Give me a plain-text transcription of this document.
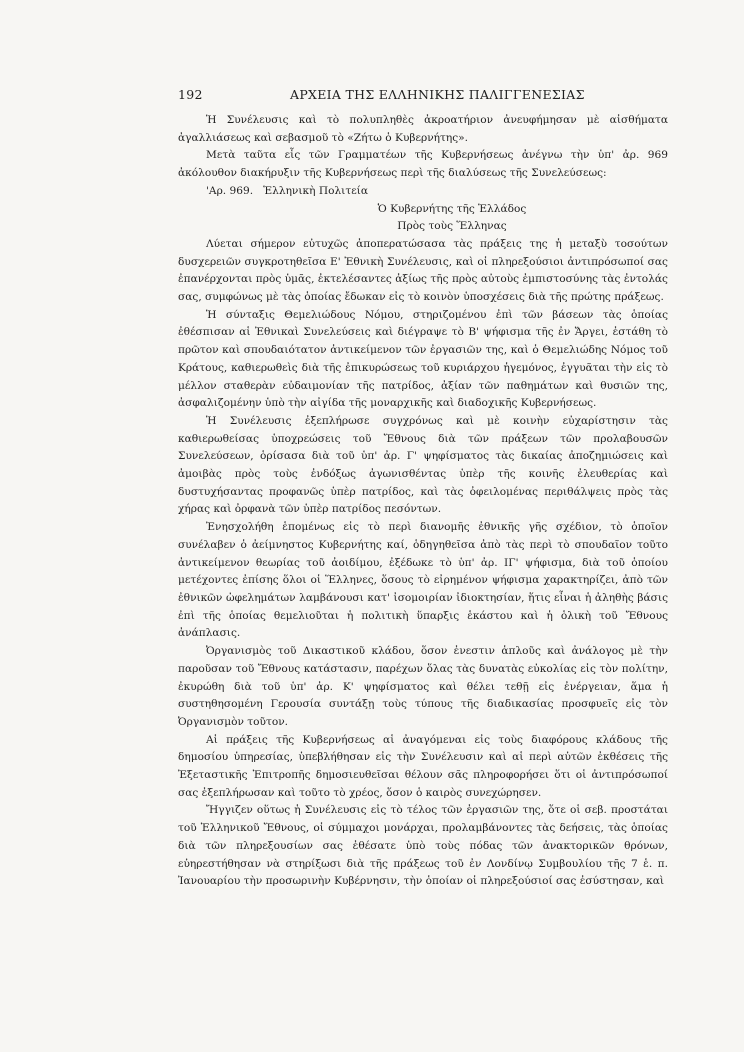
192	ΑΡΧΕΙΑ ΤΗΣ ΕΛΛΗΝΙΚΗΣ ΠΑΛΙΓΓΕΝΕΣΙΑΣ

Ἡ Συνέλευσις καὶ τὸ πολυπληθὲς ἀκροατήριον ἀνευφήμησαν μὲ αἰσθήματα ἀγαλλιάσεως καὶ σεβασμοῦ τὸ «Ζήτω ὁ Κυβερνήτης».

Μετὰ ταῦτα εἷς τῶν Γραμματέων τῆς Κυβερνήσεως ἀνέγνω τὴν ὑπ' ἀρ. 969 ἀκόλουθον διακήρυξιν τῆς Κυβερνήσεως περὶ τῆς διαλύσεως τῆς Συνελεύσεως:

'Αρ. 969. Ἑλληνικὴ Πολιτεία

Ὁ Κυβερνήτης τῆς Ἑλλάδος

Πρὸς τοὺς Ἕλληνας

Λύεται σήμερον εὐτυχῶς ἀποπερατώσασα τὰς πράξεις της ἡ μεταξὺ τοσούτων δυσχερειῶν συγκροτηθεῖσα Ε' Ἐθνικὴ Συνέλευσις, καὶ οἱ πληρεξούσιοι ἀντιπρόσωποί σας ἐπανέρχονται πρὸς ὑμᾶς, ἐκτελέσαντες ἀξίως τῆς πρὸς αὐτοὺς ἐμπιστοσύνης τὰς ἐντολάς σας, συμφώνως μὲ τὰς ὁποίας ἔδωκαν εἰς τὸ κοινὸν ὑποσχέσεις διὰ τῆς πρώτης πράξεως.

Ἡ σύνταξις Θεμελιώδους Νόμου, στηριζομένου ἐπὶ τῶν βάσεων τὰς ὁποίας ἐθέσπισαν αἱ Ἐθνικαὶ Συνελεύσεις καὶ διέγραψε τὸ Β' ψήφισμα τῆς ἐν Ἄργει, ἐστάθη τὸ πρῶτον καὶ σπουδαιότατον ἀντικείμενον τῶν ἐργασιῶν της, καὶ ὁ Θεμελιώδης Νόμος τοῦ Κράτους, καθιερωθεὶς διὰ τῆς ἐπικυρώσεως τοῦ κυριάρχου ἡγεμόνος, ἐγγυᾶται τὴν εἰς τὸ μέλλον σταθερὰν εὐδαιμονίαν τῆς πατρίδος, ἀξίαν τῶν παθημάτων καὶ θυσιῶν της, ἀσφαλιζομένην ὑπὸ τὴν αἰγίδα τῆς μοναρχικῆς καὶ διαδοχικῆς Κυβερνήσεως.

Ἡ Συνέλευσις ἐξεπλήρωσε συγχρόνως καὶ μὲ κοινὴν εὐχαρίστησιν τὰς καθιερωθείσας ὑποχρεώσεις τοῦ Ἔθνους διὰ τῶν πράξεων τῶν προλαβουσῶν Συνελεύσεων, ὁρίσασα διὰ τοῦ ὑπ' ἀρ. Γ' ψηφίσματος τὰς δικαίας ἀποζημιώσεις καὶ ἀμοιβὰς πρὸς τοὺς ἐνδόξως ἀγωνισθέντας ὑπὲρ τῆς κοινῆς ἐλευθερίας καὶ δυστυχήσαντας προφανῶς ὑπὲρ πατρίδος, καὶ τὰς ὀφειλομένας περιθάλψεις πρὸς τὰς χήρας καὶ ὀρφανὰ τῶν ὑπὲρ πατρίδος πεσόντων.

Ἐνησχολήθη ἑπομένως εἰς τὸ περὶ διανομῆς ἐθνικῆς γῆς σχέδιον, τὸ ὁποῖον συνέλαβεν ὁ ἀείμνηστος Κυβερνήτης καί, ὁδηγηθεῖσα ἀπὸ τὰς περὶ τὸ σπουδαῖον τοῦτο ἀντικείμενον θεωρίας τοῦ ἀοιδίμου, ἐξέδωκε τὸ ὑπ' ἀρ. ΙΓ' ψήφισμα, διὰ τοῦ ὁποίου μετέχοντες ἐπίσης ὅλοι οἱ Ἕλληνες, ὅσους τὸ εἰρημένον ψήφισμα χαρακτηρίζει, ἀπὸ τῶν ἐθνικῶν ὠφελημάτων λαμβάνουσι κατ' ἰσομοιρίαν ἰδιοκτησίαν, ἥτις εἶναι ἡ ἀληθὴς βάσις ἐπὶ τῆς ὁποίας θεμελιοῦται ἡ πολιτικὴ ὕπαρξις ἑκάστου καὶ ἡ ὁλικὴ τοῦ Ἔθνους ἀνάπλασις.

Ὀργανισμὸς τοῦ Δικαστικοῦ κλάδου, ὅσον ἐνεστιν ἁπλοῦς καὶ ἀνάλογος μὲ τὴν παροῦσαν τοῦ Ἔθνους κατάστασιν, παρέχων ὅλας τὰς δυνατὰς εὐκολίας εἰς τὸν πολίτην, ἐκυρώθη διὰ τοῦ ὑπ' ἀρ. Κ' ψηφίσματος καὶ θέλει τεθῇ εἰς ἐνέργειαν, ἅμα ἡ συστηθησομένη Γερουσία συντάξῃ τοὺς τύπους τῆς διαδικασίας προσφυεῖς εἰς τὸν Ὀργανισμὸν τοῦτον.

Αἱ πράξεις τῆς Κυβερνήσεως αἱ ἀναγόμεναι εἰς τοὺς διαφόρους κλάδους τῆς δημοσίου ὑπηρεσίας, ὑπεβλήθησαν εἰς τὴν Συνέλευσιν καὶ αἱ περὶ αὐτῶν ἐκθέσεις τῆς Ἐξεταστικῆς Ἐπιτροπῆς δημοσιευθεῖσαι θέλουν σᾶς πληροφορήσει ὅτι οἱ ἀντιπρόσωποί σας ἐξεπλήρωσαν καὶ τοῦτο τὸ χρέος, ὅσον ὁ καιρὸς συνεχώρησεν.

Ἤγγιζεν οὕτως ἡ Συνέλευσις εἰς τὸ τέλος τῶν ἐργασιῶν της, ὅτε οἱ σεβ. προστάται τοῦ Ἑλληνικοῦ Ἔθνους, οἱ σύμμαχοι μονάρχαι, προλαμβάνοντες τὰς δεήσεις, τὰς ὁποίας διὰ τῶν πληρεξουσίων σας ἐθέσατε ὑπὸ τοὺς πόδας τῶν ἀνακτορικῶν θρόνων, εὐηρεστήθησαν νὰ στηρίξωσι διὰ τῆς πράξεως τοῦ ἐν Λονδίνῳ Συμβουλίου τῆς 7 ἑ. π. Ἰανουαρίου τὴν προσωρινὴν Κυβέρνησιν, τὴν ὁποίαν οἱ πληρεξούσιοί σας ἐσύστησαν, καὶ
